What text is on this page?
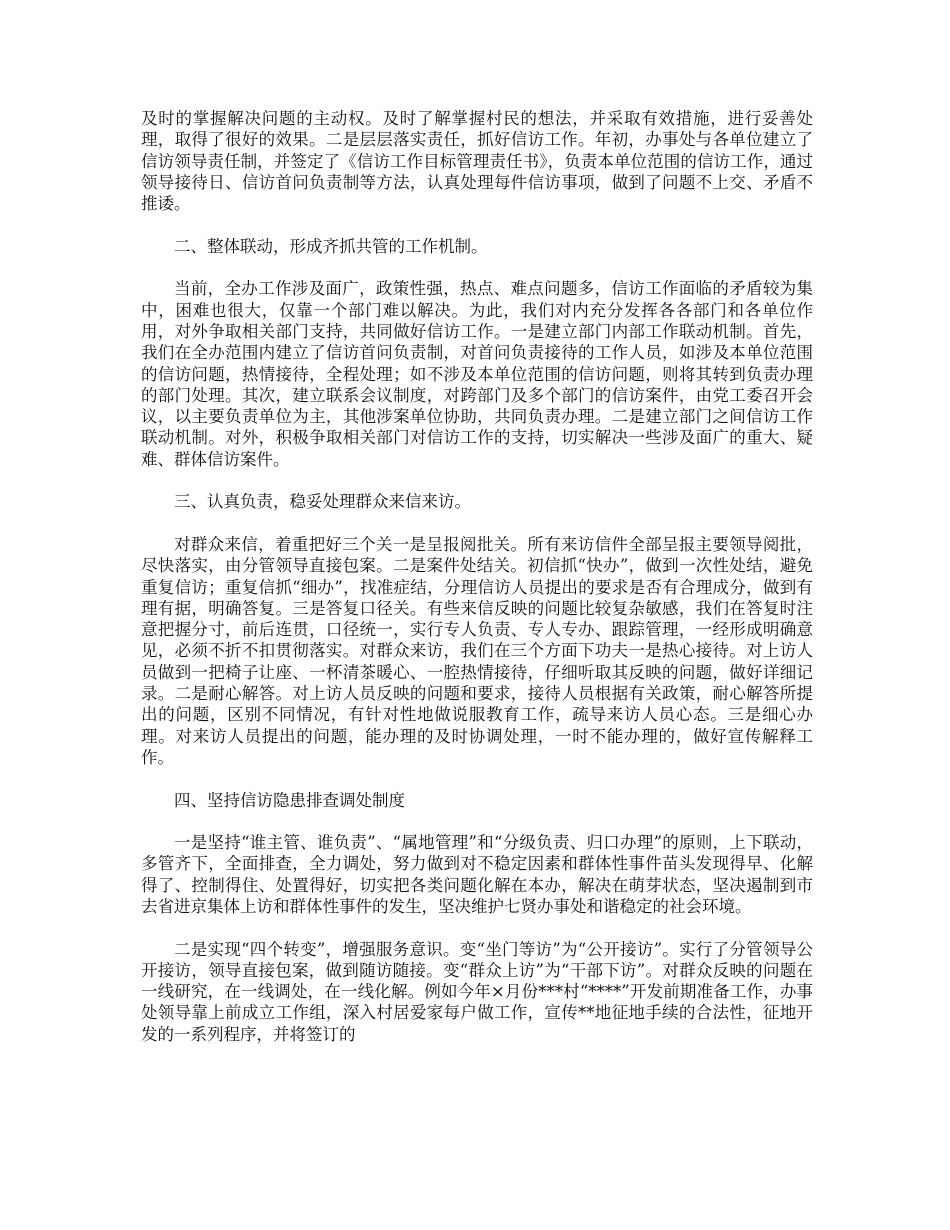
及时的掌握解决问题的主动权。及时了解掌握村民的想法，并采取有效措施，进行妥善处理，取得了很好的效果。二是层层落实责任，抓好信访工作。年初，办事处与各单位建立了信访领导责任制，并签定了《信访工作目标管理责任书》，负责本单位范围的信访工作，通过领导接待日、信访首问负责制等方法，认真处理每件信访事项，做到了问题不上交、矛盾不推诿。

二、整体联动，形成齐抓共管的工作机制。

当前，全办工作涉及面广，政策性强，热点、难点问题多，信访工作面临的矛盾较为集中，困难也很大，仅靠一个部门难以解决。为此，我们对内充分发挥各各部门和各单位作用，对外争取相关部门支持，共同做好信访工作。一是建立部门内部工作联动机制。首先，我们在全办范围内建立了信访首问负责制，对首问负责接待的工作人员，如涉及本单位范围的信访问题，热情接待，全程处理；如不涉及本单位范围的信访问题，则将其转到负责办理的部门处理。其次，建立联系会议制度，对跨部门及多个部门的信访案件，由党工委召开会议，以主要负责单位为主，其他涉案单位协助，共同负责办理。二是建立部门之间信访工作联动机制。对外，积极争取相关部门对信访工作的支持，切实解决一些涉及面广的重大、疑难、群体信访案件。

三、认真负责，稳妥处理群众来信来访。

对群众来信，着重把好三个关一是呈报阅批关。所有来访信件全部呈报主要领导阅批，尽快落实，由分管领导直接包案。二是案件处结关。初信抓“快办”，做到一次性处结，避免重复信访；重复信抓“细办”，找准症结，分理信访人员提出的要求是否有合理成分，做到有理有据，明确答复。三是答复口径关。有些来信反映的问题比较复杂敏感，我们在答复时注意把握分寸，前后连贯，口径统一，实行专人负责、专人专办、跟踪管理，一经形成明确意见，必须不折不扣贯彻落实。对群众来访，我们在三个方面下功夫一是热心接待。对上访人员做到一把椅子让座、一杯清茶暖心、一腔热情接待，仔细听取其反映的问题，做好详细记录。二是耐心解答。对上访人员反映的问题和要求，接待人员根据有关政策，耐心解答所提出的问题，区别不同情况，有针对性地做说服教育工作，疏导来访人员心态。三是细心办理。对来访人员提出的问题，能办理的及时协调处理，一时不能办理的，做好宣传解释工作。

四、坚持信访隐患排查调处制度

一是坚持“谁主管、谁负责”、“属地管理”和“分级负责、归口办理”的原则，上下联动，多管齐下，全面排查，全力调处，努力做到对不稳定因素和群体性事件苗头发现得早、化解得了、控制得住、处置得好，切实把各类问题化解在本办，解决在萌芽状态，坚决遏制到市去省进京集体上访和群体性事件的发生，坚决维护七贤办事处和谐稳定的社会环境。

二是实现“四个转变”，增强服务意识。变“坐门等访”为“公开接访”。实行了分管领导公开接访，领导直接包案，做到随访随接。变“群众上访”为“干部下访”。对群众反映的问题在一线研究，在一线调处，在一线化解。例如今年×月份***村“****”开发前期准备工作，办事处领导靠上前成立工作组，深入村居爱家每户做工作，宣传**地征地手续的合法性，征地开发的一系列程序，并将签订的
